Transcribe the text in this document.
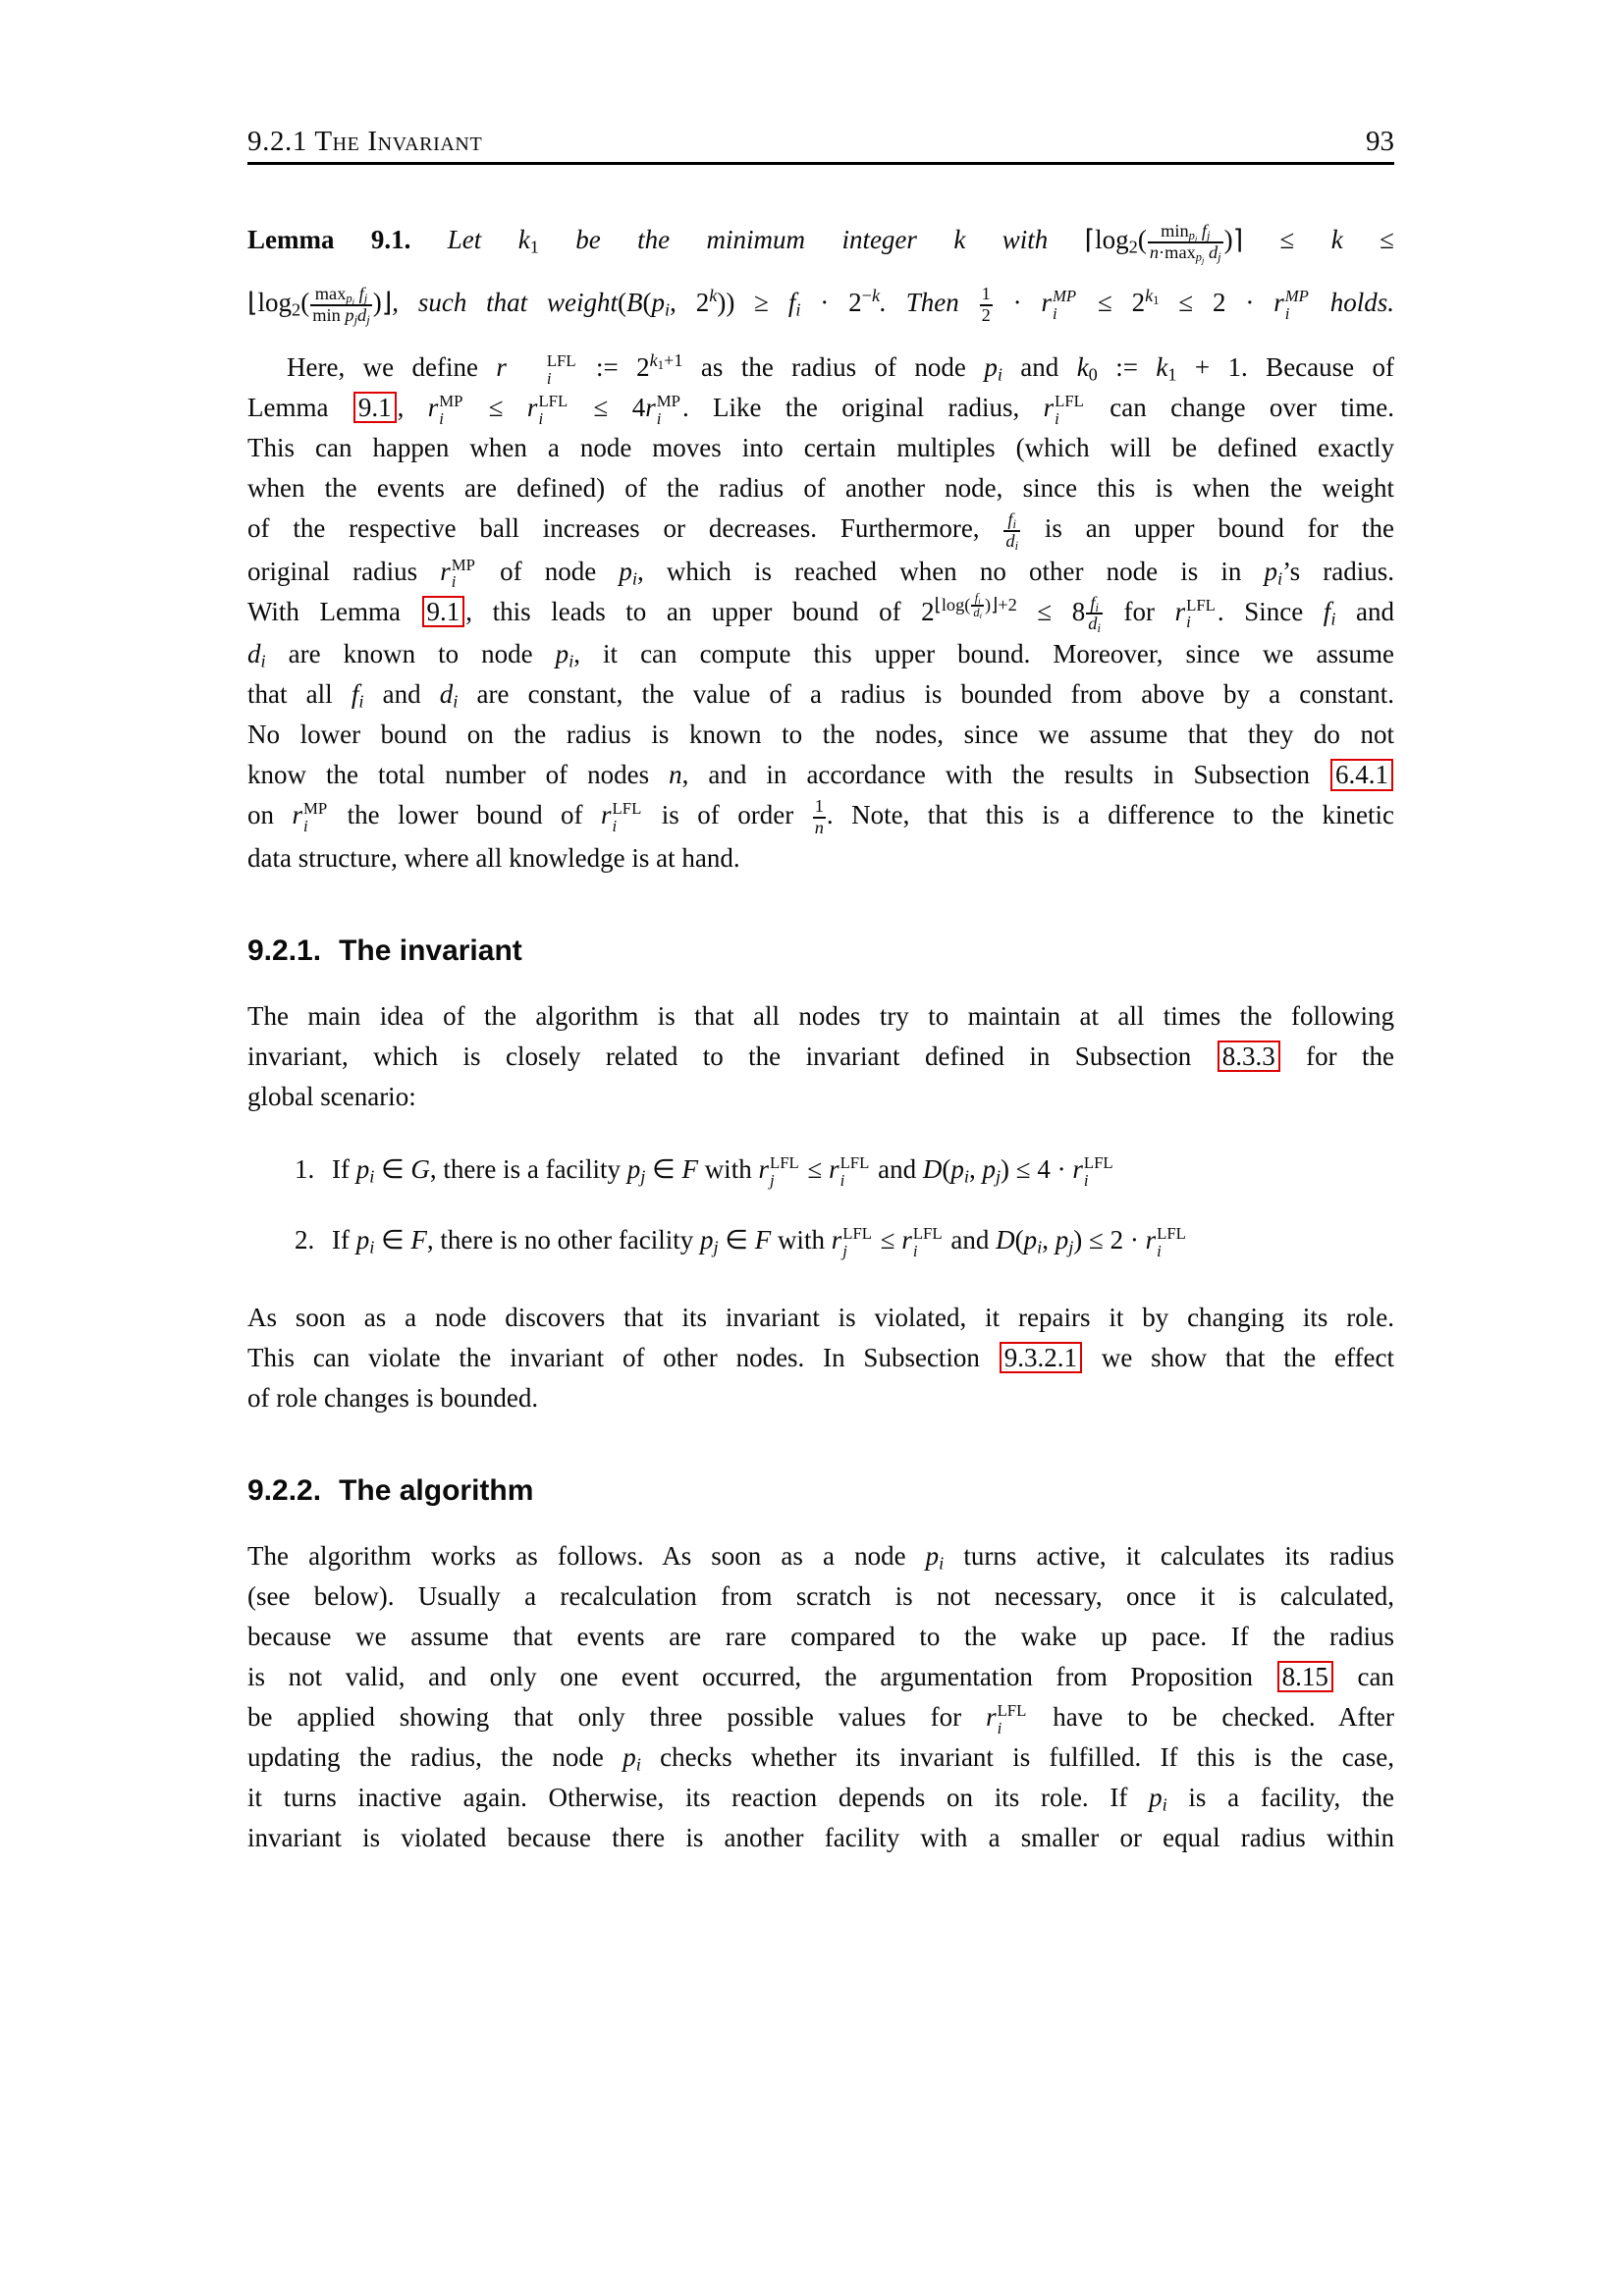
9.2.1 The Invariant	93
Lemma 9.1. Let $k_1$ be the minimum integer k with $⌈\log_2( \frac{\min_{p_j} f_j}{n\cdot\max_{p_j} d_j}$ )⌉ ≤ k ≤
$⌊\log_2( \frac{\max_{p_j} f_j}{\min p_jd_j}$ )⌋, such that $weight(B(p_i$, $2^k)) \ge f_i \cdot 2^{-k}$. Then $\frac{1}{2} \cdot r$ MP
$i \le 2^{k_1} \le 2 \cdot r$ MP
i holds.
Here, we define r	LFL
i := $2^{k_1+1}$ as the radius of node $p_i$ and $k_0$ := $k_1 + 1$. Because of
Lemma 9.1 , r MP
i ≤ r LFL
i ≤ 4r MP
i . Like the original radius, r LFL
i can change over time.
This can happen when a node moves into certain multiples (which will be defined exactly
when the events are defined) of the radius of another node, since this is when the weight
of the respective ball increases or decreases. Furthermore, $\frac{f_i}{d_i}$ is an upper bound for the
original radius r MP
i of node $p_i$, which is reached when no other node is in $p_i’s$ radius.
With Lemma 9.1 , this leads to an upper bound of $2^{⌊log( \frac{f_i}{d_i} )⌋+2} \le 8 \frac{f_i}{d_i}$ for r LFL
i . Since $f_i$ and
$d_i$ are known to node $p_i$, it can compute this upper bound. Moreover, since we assume
that all $f_i$ and $d_i$ are constant, the value of a radius is bounded from above by a constant.
No lower bound on the radius is known to the nodes, since we assume that they do not
know the total number of nodes n, and in accordance with the results in Subsection 6.4.1
on r MP
i the lower bound of r LFL
i is of order $\frac{1}{n}$ . Note, that this is a difference to the kinetic
data structure, where all knowledge is at hand.
9.2.1. The invariant
The main idea of the algorithm is that all nodes try to maintain at all times the following
invariant, which is closely related to the invariant defined in Subsection 8.3.3 for the
global scenario:
1. If $p_i$ ∈ G, there is a facility $p_j$ ∈ F with r LFL
j ≤ r LFL
i and $D(p_i$, $p_j) \le 4 \cdot r$ LFL
i
2. If $p_i$ ∈ F, there is no other facility $p_j$ ∈ F with r LFL
j ≤ r LFL
i and $D(p_i$, $p_j) \le 2 \cdot r$ LFL
i
As soon as a node discovers that its invariant is violated, it repairs it by changing its role.
This can violate the invariant of other nodes. In Subsection 9.3.2.1 we show that the effect
of role changes is bounded.
9.2.2. The algorithm
The algorithm works as follows. As soon as a node $p_i$ turns active, it calculates its radius
(see below). Usually a recalculation from scratch is not necessary, once it is calculated,
because we assume that events are rare compared to the wake up pace. If the radius
is not valid, and only one event occurred, the argumentation from Proposition 8.15 can
be applied showing that only three possible values for r LFL
i have to be checked. After
updating the radius, the node $p_i$ checks whether its invariant is fulfilled. If this is the case,
it turns inactive again. Otherwise, its reaction depends on its role. If $p_i$ is a facility, the
invariant is violated because there is another facility with a smaller or equal radius within
